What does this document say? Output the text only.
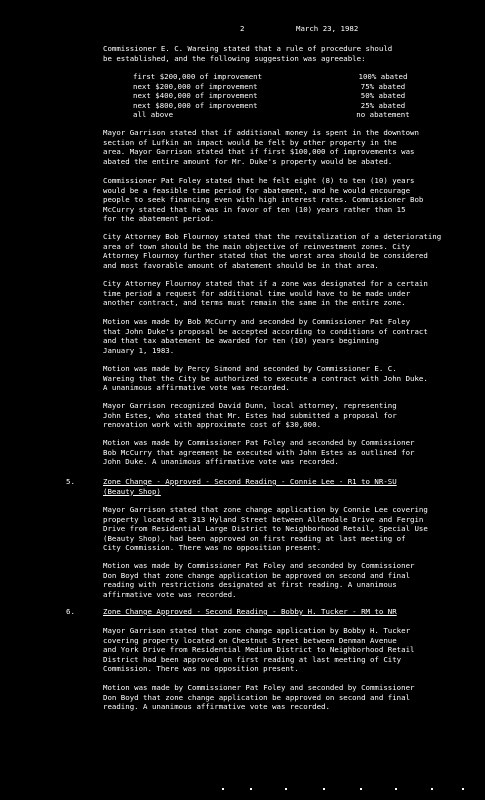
2	March 23, 1982
Commissioner E. C. Wareing stated that a rule of procedure should
be established, and the following suggestion was agreeable:
first $200,000 of improvement	100% abated
next $200,000 of improvement	75% abated
next $400,000 of improvement	50% abated
next $800,000 of improvement	25% abated
all above	no abatement
Mayor Garrison stated that if additional money is spent in the downtown
section of Lufkin an impact would be felt by other property in the
area. Mayor Garrison stated that if first $100,000 of improvements was
abated the entire amount for Mr. Duke's property would be abated.
Commissioner Pat Foley stated that he felt eight (8) to ten (10) years
would be a feasible time period for abatement, and he would encourage
people to seek financing even with high interest rates. Commissioner Bob
McCurry stated that he was in favor of ten (10) years rather than 15
for the abatement period.
City Attorney Bob Flournoy stated that the revitalization of a deteriorating
area of town should be the main objective of reinvestment zones. City
Attorney Flournoy further stated that the worst area should be considered
and most favorable amount of abatement should be in that area.
City Attorney Flournoy stated that if a zone was designated for a certain
time period a request for additional time would have to be made under
another contract, and terms must remain the same in the entire zone.
Motion was made by Bob McCurry and seconded by Commissioner Pat Foley
that John Duke's proposal be accepted according to conditions of contract
and that tax abatement be awarded for ten (10) years beginning
January 1, 1983.
Motion was made by Percy Simond and seconded by Commissioner E. C.
Wareing that the City be authorized to execute a contract with John Duke.
A unanimous affirmative vote was recorded.
Mayor Garrison recognized David Dunn, local attorney, representing
John Estes, who stated that Mr. Estes had submitted a proposal for
renovation work with approximate cost of $30,000.
Motion was made by Commissioner Pat Foley and seconded by Commissioner
Bob McCurry that agreement be executed with John Estes as outlined for
John Duke. A unanimous affirmative vote was recorded.
5.	Zone Change - Approved - Second Reading - Connie Lee - R1 to NR-SU
(Beauty Shop)
Mayor Garrison stated that zone change application by Connie Lee covering
property located at 313 Hyland Street between Allendale Drive and Fergin
Drive from Residential Large District to Neighborhood Retail, Special Use
(Beauty Shop), had been approved on first reading at last meeting of
City Commission. There was no opposition present.
Motion was made by Commissioner Pat Foley and seconded by Commissioner
Don Boyd that zone change application be approved on second and final
reading with restrictions designated at first reading. A unanimous
affirmative vote was recorded.
6.	Zone Change Approved - Second Reading - Bobby H. Tucker - RM to NR
Mayor Garrison stated that zone change application by Bobby H. Tucker
covering property located on Chestnut Street between Denman Avenue
and York Drive from Residential Medium District to Neighborhood Retail
District had been approved on first reading at last meeting of City
Commission. There was no opposition present.
Motion was made by Commissioner Pat Foley and seconded by Commissioner
Don Boyd that zone change application be approved on second and final
reading. A unanimous affirmative vote was recorded.
